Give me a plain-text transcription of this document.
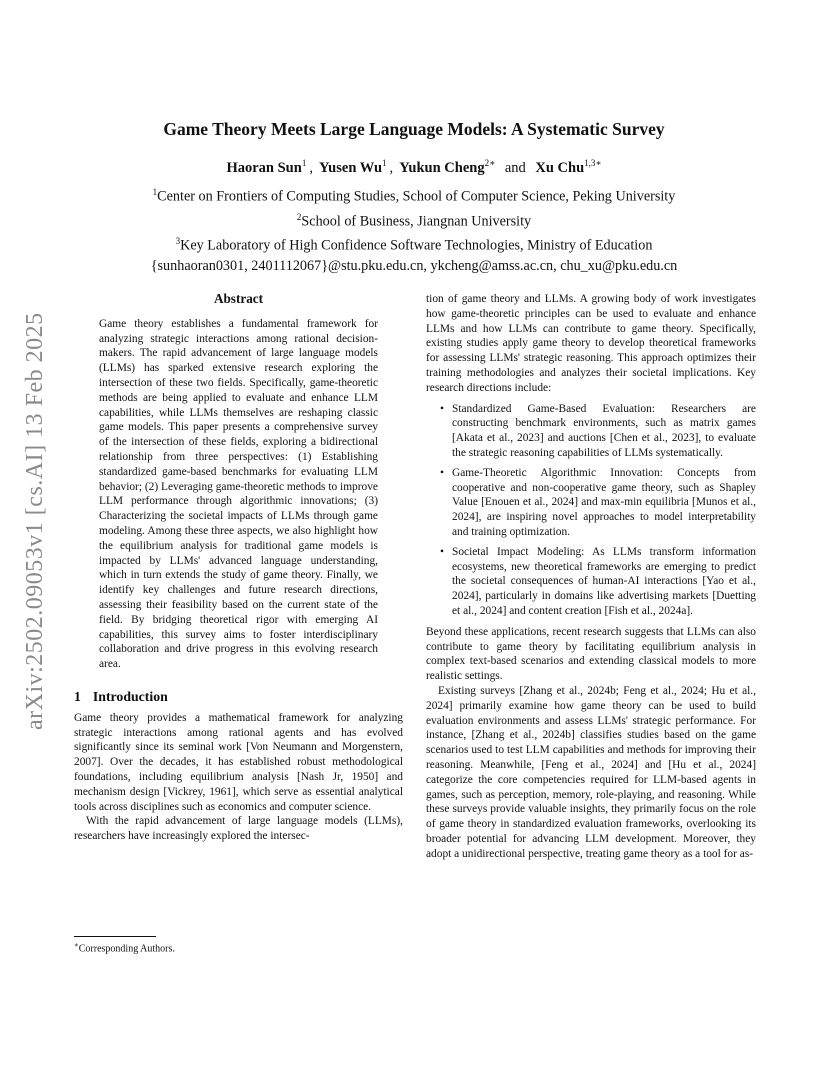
arXiv:2502.09053v1 [cs.AI] 13 Feb 2025
Game Theory Meets Large Language Models: A Systematic Survey
Haoran Sun$^1$ , Yusen Wu$^1$ , Yukun Cheng$^{2∗}$ and Xu Chu$^{1,3∗}$
$^1$Center on Frontiers of Computing Studies, School of Computer Science, Peking University
$^2$School of Business, Jiangnan University
$^3$Key Laboratory of High Confidence Software Technologies, Ministry of Education
{sunhaoran0301, 2401112067}@stu.pku.edu.cn, ykcheng@amss.ac.cn, chu_xu@pku.edu.cn
Abstract

Game theory establishes a fundamental framework for analyzing strategic interactions among rational decision-makers. The rapid advancement of large language models (LLMs) has sparked extensive research exploring the intersection of these two fields. Specifically, game-theoretic methods are being applied to evaluate and enhance LLM capabilities, while LLMs themselves are reshaping classic game models. This paper presents a comprehensive survey of the intersection of these fields, exploring a bidirectional relationship from three perspectives: (1) Establishing standardized game-based benchmarks for evaluating LLM behavior; (2) Leveraging game-theoretic methods to improve LLM performance through algorithmic innovations; (3) Characterizing the societal impacts of LLMs through game modeling. Among these three aspects, we also highlight how the equilibrium analysis for traditional game models is impacted by LLMs' advanced language understanding, which in turn extends the study of game theory. Finally, we identify key challenges and future research directions, assessing their feasibility based on the current state of the field. By bridging theoretical rigor with emerging AI capabilities, this survey aims to foster interdisciplinary collaboration and drive progress in this evolving research area.

1 Introduction

Game theory provides a mathematical framework for analyzing strategic interactions among rational agents and has evolved significantly since its seminal work [Von Neumann and Morgenstern, 2007]. Over the decades, it has established robust methodological foundations, including equilibrium analysis [Nash Jr, 1950] and mechanism design [Vickrey, 1961], which serve as essential analytical tools across disciplines such as economics and computer science.

With the rapid advancement of large language models (LLMs), researchers have increasingly explored the intersec-

∗Corresponding Authors.

tion of game theory and LLMs. A growing body of work investigates how game-theoretic principles can be used to evaluate and enhance LLMs and how LLMs can contribute to game theory. Specifically, existing studies apply game theory to develop theoretical frameworks for assessing LLMs' strategic reasoning. This approach optimizes their training methodologies and analyzes their societal implications. Key research directions include:

• Standardized Game-Based Evaluation: Researchers are constructing benchmark environments, such as matrix games [Akata et al., 2023] and auctions [Chen et al., 2023], to evaluate the strategic reasoning capabilities of LLMs systematically.
• Game-Theoretic Algorithmic Innovation: Concepts from cooperative and non-cooperative game theory, such as Shapley Value [Enouen et al., 2024] and max-min equilibria [Munos et al., 2024], are inspiring novel approaches to model interpretability and training optimization.
• Societal Impact Modeling: As LLMs transform information ecosystems, new theoretical frameworks are emerging to predict the societal consequences of human-AI interactions [Yao et al., 2024], particularly in domains like advertising markets [Duetting et al., 2024] and content creation [Fish et al., 2024a].

Beyond these applications, recent research suggests that LLMs can also contribute to game theory by facilitating equilibrium analysis in complex text-based scenarios and extending classical models to more realistic settings.

Existing surveys [Zhang et al., 2024b; Feng et al., 2024; Hu et al., 2024] primarily examine how game theory can be used to build evaluation environments and assess LLMs' strategic performance. For instance, [Zhang et al., 2024b] classifies studies based on the game scenarios used to test LLM capabilities and methods for improving their reasoning. Meanwhile, [Feng et al., 2024] and [Hu et al., 2024] categorize the core competencies required for LLM-based agents in games, such as perception, memory, role-playing, and reasoning. While these surveys provide valuable insights, they primarily focus on the role of game theory in standardized evaluation frameworks, overlooking its broader potential for advancing LLM development. Moreover, they adopt a unidirectional perspective, treating game theory as a tool for as-
